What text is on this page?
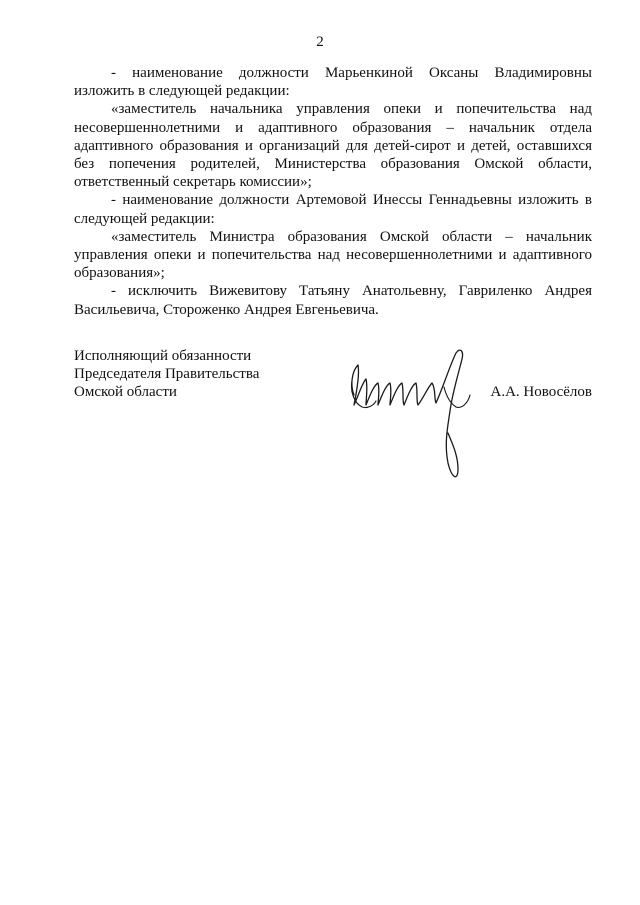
2

- наименование должности Марьенкиной Оксаны Владимировны изложить в следующей редакции:

«заместитель начальника управления опеки и попечительства над несовершеннолетними и адаптивного образования – начальник отдела адаптивного образования и организаций для детей-сирот и детей, оставшихся без попечения родителей, Министерства образования Омской области, ответственный секретарь комиссии»;

- наименование должности Артемовой Инессы Геннадьевны изложить в следующей редакции:

«заместитель Министра образования Омской области – начальник управления опеки и попечительства над несовершеннолетними и адаптивного образования»;

- исключить Вижевитову Татьяну Анатольевну, Гавриленко Андрея Васильевича, Стороженко Андрея Евгеньевича.

Исполняющий обязанности
Председателя Правительства
Омской области	А.А. Новосёлов
